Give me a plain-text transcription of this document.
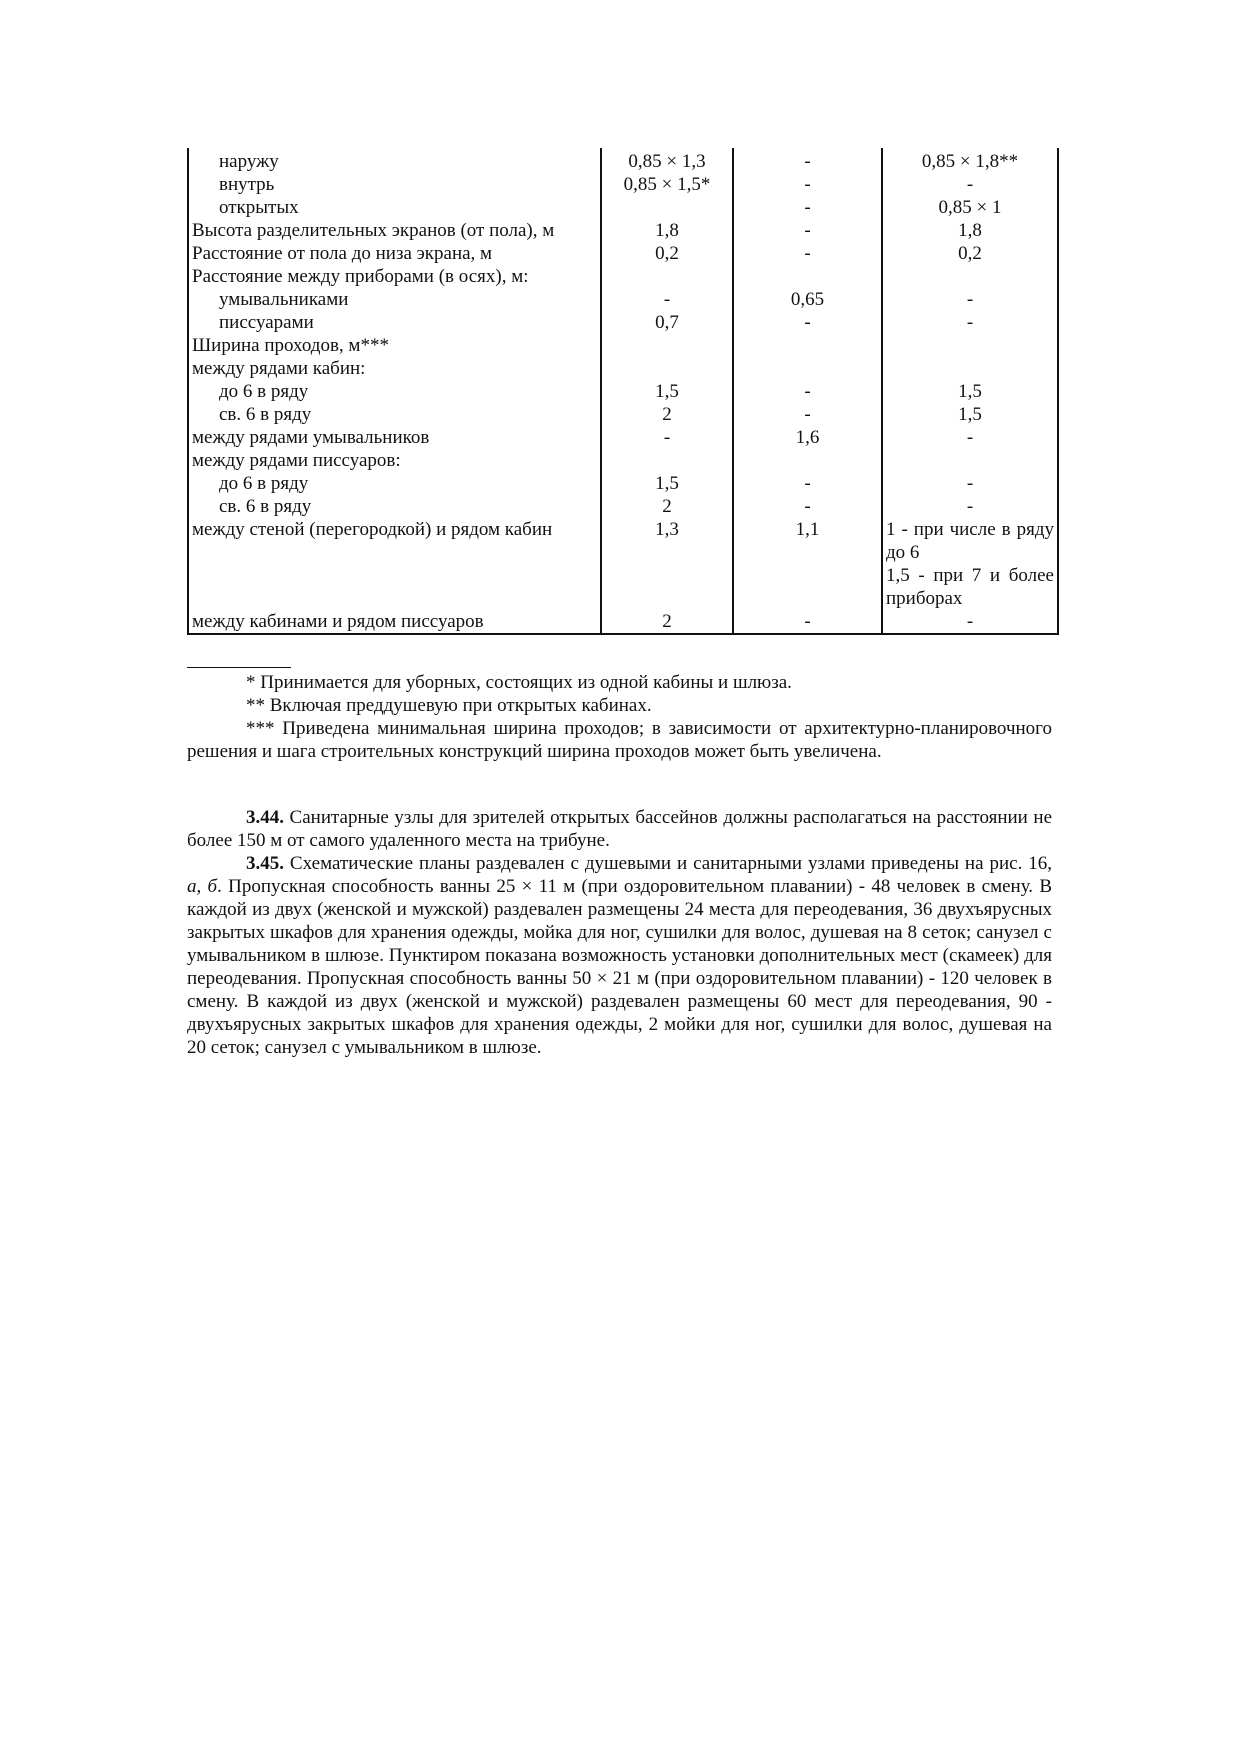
наружу	0,85 × 1,3	-	0,85 × 1,8**
внутрь	0,85 × 1,5*	-	-
открытых		-	0,85 × 1
Высота разделительных экранов (от пола), м	1,8	-	1,8
Расстояние от пола до низа экрана, м	0,2	-	0,2
Расстояние между приборами (в осях), м:			
умывальниками	-	0,65	-
писсуарами	0,7	-	-
Ширина проходов, м***			
между рядами кабин:			
до 6 в ряду	1,5	-	1,5
св. 6 в ряду	2	-	1,5
между рядами умывальников	-	1,6	-
между рядами писсуаров:			
до 6 в ряду	1,5	-	-
св. 6 в ряду	2	-	-
между стеной (перегородкой) и рядом кабин	1,3	1,1	1 - при числе в ряду до 6
1,5 - при 7 и более приборах

между кабинами и рядом писсуаров	2	-	-

* Принимается для уборных, состоящих из одной кабины и шлюза.

** Включая преддушевую при открытых кабинах.

*** Приведена минимальная ширина проходов; в зависимости от архитектурно-планировочного решения и шага строительных конструкций ширина проходов может быть увеличена.

3.44. Санитарные узлы для зрителей открытых бассейнов должны располагаться на расстоянии не более 150 м от самого удаленного места на трибуне.

3.45. Схематические планы раздевален с душевыми и санитарными узлами приведены на рис. 16, а, б. Пропускная способность ванны 25 × 11 м (при оздоровительном плавании) - 48 человек в смену. В каждой из двух (женской и мужской) раздевален размещены 24 места для переодевания, 36 двухъярусных закрытых шкафов для хранения одежды, мойка для ног, сушилки для волос, душевая на 8 сеток; санузел с умывальником в шлюзе. Пунктиром показана возможность установки дополнительных мест (скамеек) для переодевания. Пропускная способность ванны 50 × 21 м (при оздоровительном плавании) - 120 человек в смену. В каждой из двух (женской и мужской) раздевален размещены 60 мест для переодевания, 90 - двухъярусных закрытых шкафов для хранения одежды, 2 мойки для ног, сушилки для волос, душевая на 20 сеток; санузел с умывальником в шлюзе.
